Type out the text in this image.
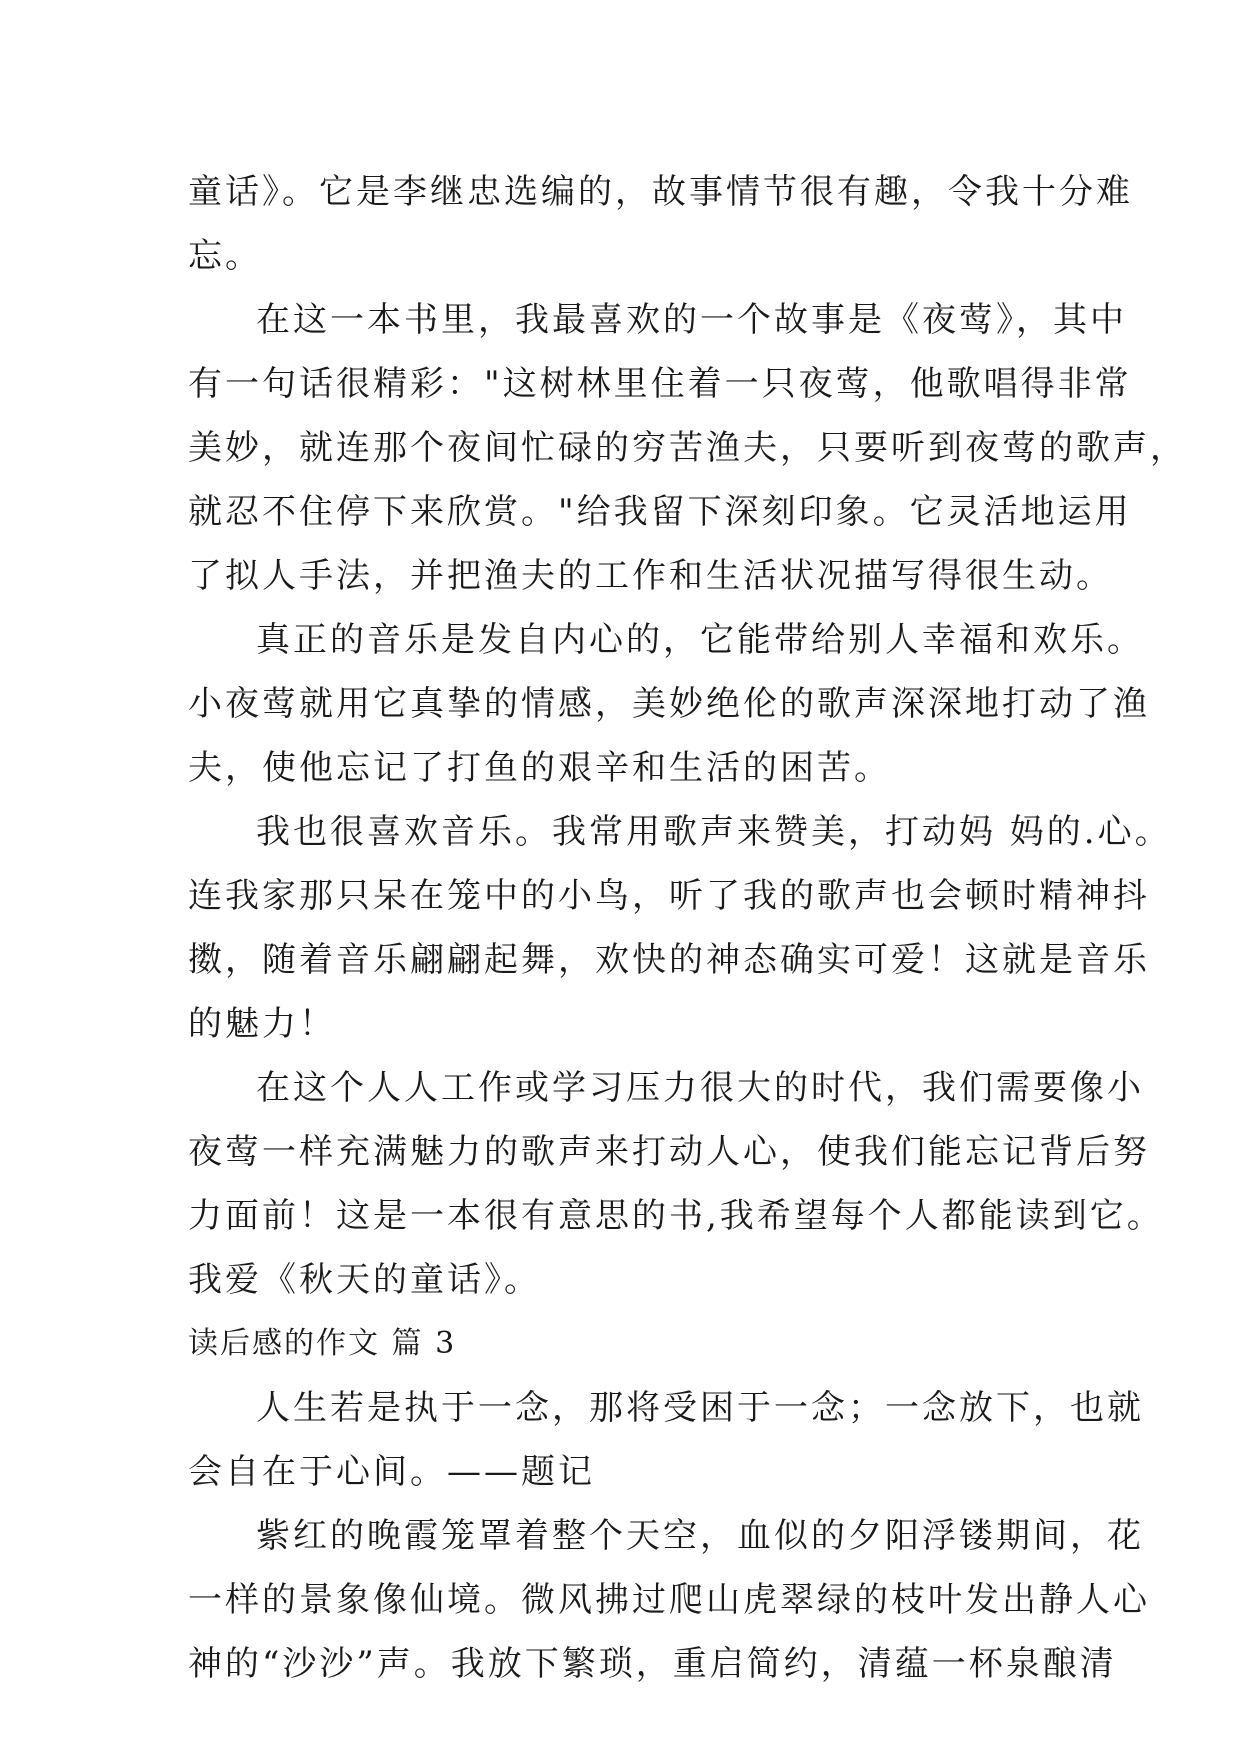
童话》。它是李继忠选编的，故事情节很有趣，令我十分难
忘。
在这一本书里，我最喜欢的一个故事是《夜莺》，其中
有一句话很精彩："这树林里住着一只夜莺，他歌唱得非常
美妙，就连那个夜间忙碌的穷苦渔夫，只要听到夜莺的歌声，
就忍不住停下来欣赏。"给我留下深刻印象。它灵活地运用
了拟人手法，并把渔夫的工作和生活状况描写得很生动。
真正的音乐是发自内心的，它能带给别人幸福和欢乐。
小夜莺就用它真挚的情感，美妙绝伦的歌声深深地打动了渔
夫，使他忘记了打鱼的艰辛和生活的困苦。
我也很喜欢音乐。我常用歌声来赞美，打动妈 妈的.心。
连我家那只呆在笼中的小鸟，听了我的歌声也会顿时精神抖
擞，随着音乐翩翩起舞，欢快的神态确实可爱！这就是音乐
的魅力！
在这个人人工作或学习压力很大的时代，我们需要像小
夜莺一样充满魅力的歌声来打动人心，使我们能忘记背后努
力面前！这是一本很有意思的书,我希望每个人都能读到它。
我爱《秋天的童话》。
读后感的作文 篇 3
人生若是执于一念，那将受困于一念；一念放下，也就
会自在于心间。——题记
紫红的晚霞笼罩着整个天空，血似的夕阳浮镂期间，花
一样的景象像仙境。微风拂过爬山虎翠绿的枝叶发出静人心
神的“沙沙”声。我放下繁琐，重启简约，清蕴一杯泉酿清
